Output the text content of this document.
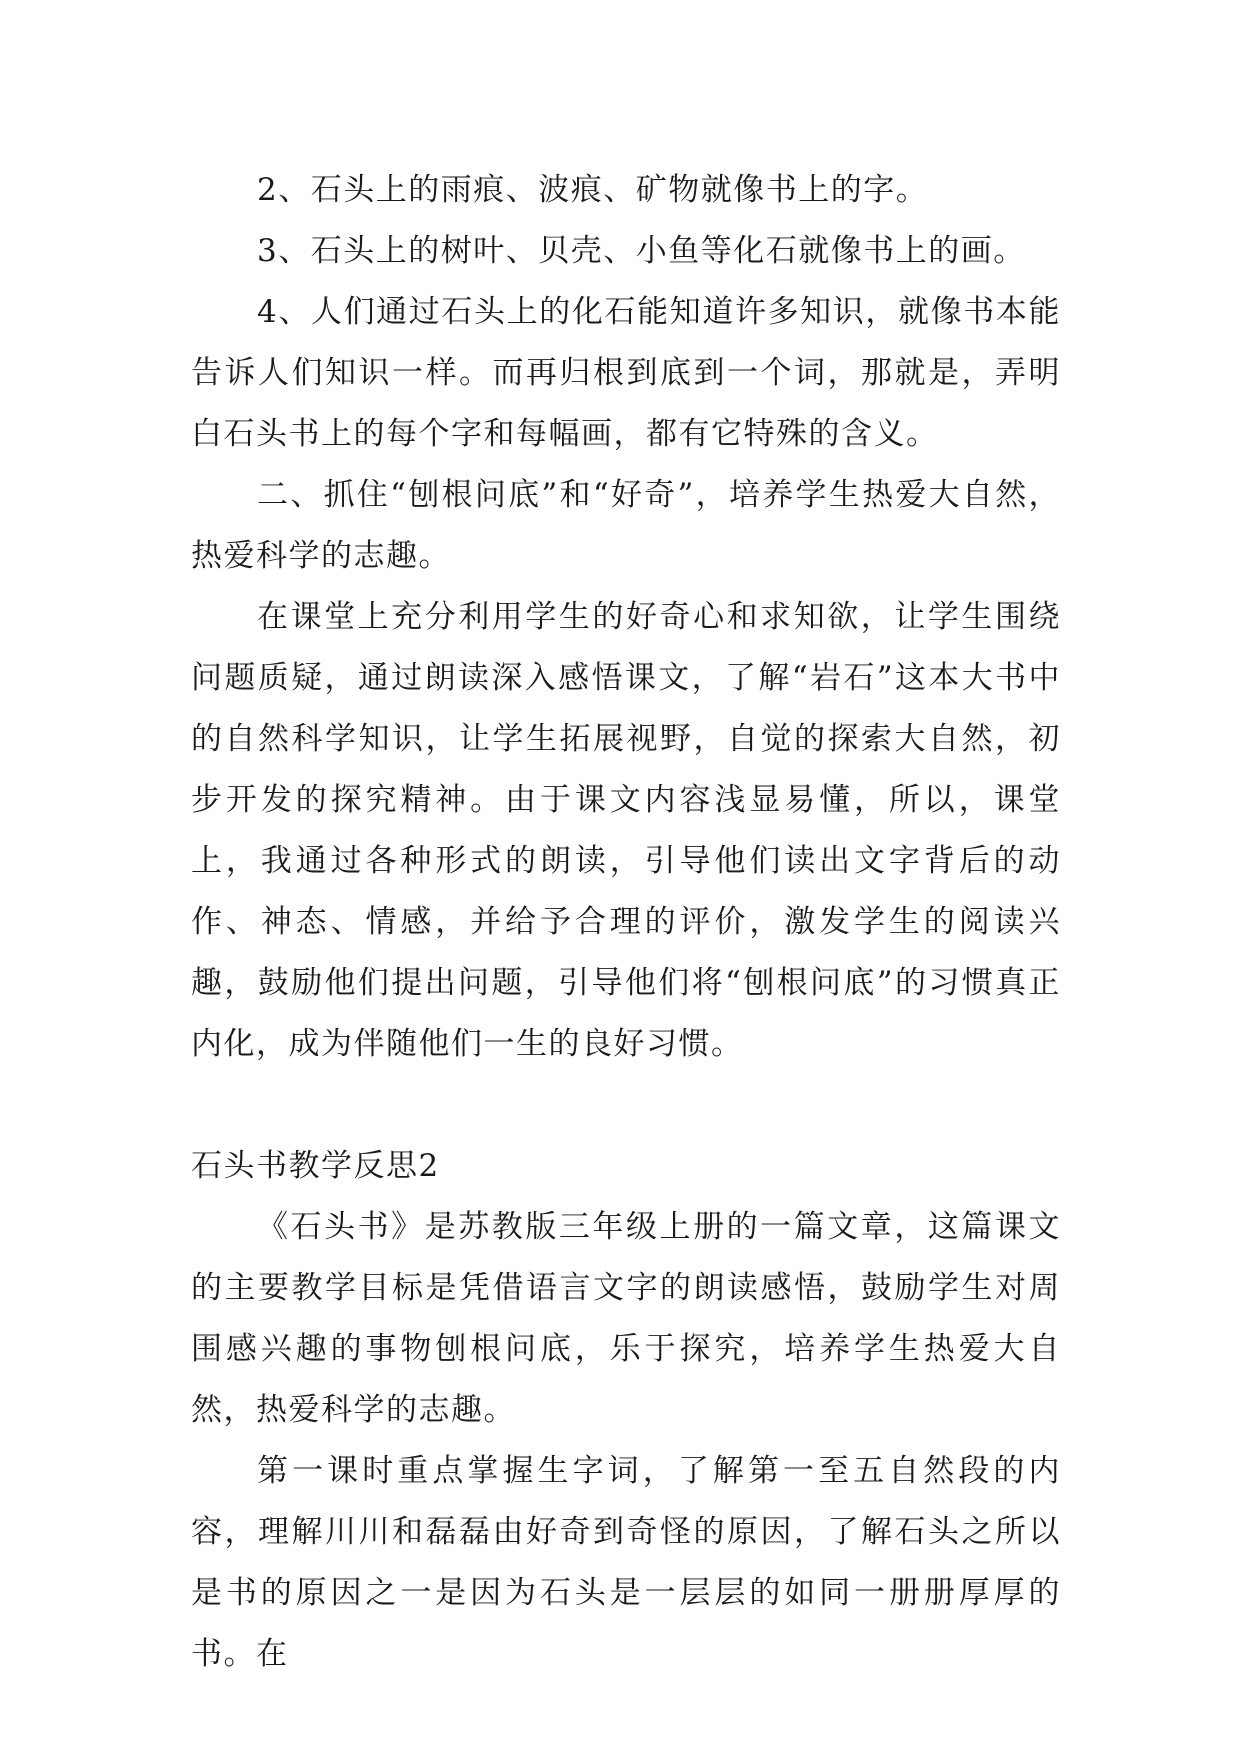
2、石头上的雨痕、波痕、矿物就像书上的字。

3、石头上的树叶、贝壳、小鱼等化石就像书上的画。

4、人们通过石头上的化石能知道许多知识，就像书本能告诉人们知识一样。而再归根到底到一个词，那就是，弄明白石头书上的每个字和每幅画，都有它特殊的含义。

二、抓住“刨根问底”和“好奇”，培养学生热爱大自然，热爱科学的志趣。

在课堂上充分利用学生的好奇心和求知欲，让学生围绕问题质疑，通过朗读深入感悟课文，了解“岩石”这本大书中的自然科学知识，让学生拓展视野，自觉的探索大自然，初步开发的探究精神。由于课文内容浅显易懂，所以，课堂上，我通过各种形式的朗读，引导他们读出文字背后的动作、神态、情感，并给予合理的评价，激发学生的阅读兴趣，鼓励他们提出问题，引导他们将“刨根问底”的习惯真正内化，成为伴随他们一生的良好习惯。

石头书教学反思2

《石头书》是苏教版三年级上册的一篇文章，这篇课文的主要教学目标是凭借语言文字的朗读感悟，鼓励学生对周围感兴趣的事物刨根问底，乐于探究，培养学生热爱大自然，热爱科学的志趣。

第一课时重点掌握生字词，了解第一至五自然段的内容，理解川川和磊磊由好奇到奇怪的原因，了解石头之所以是书的原因之一是因为石头是一层层的如同一册册厚厚的书。在
